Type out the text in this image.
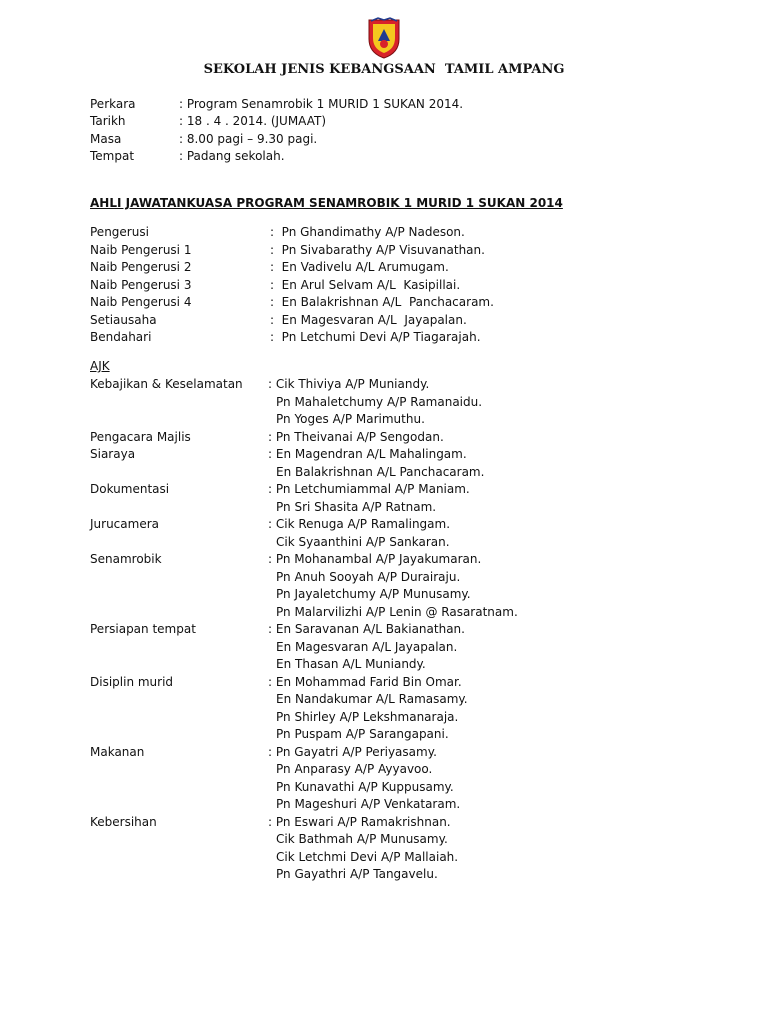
SEKOLAH JENIS KEBANGSAAN  TAMIL AMPANG
Perkara	: Program Senamrobik 1 MURID 1 SUKAN 2014.
Tarikh	: 18 . 4 . 2014. (JUMAAT)
Masa	: 8.00 pagi – 9.30 pagi.
Tempat	: Padang sekolah.
AHLI JAWATANKUASA PROGRAM SENAMROBIK 1 MURID 1 SUKAN 2014
Pengerusi	:  Pn Ghandimathy A/P Nadeson.
Naib Pengerusi 1	:  Pn Sivabarathy A/P Visuvanathan.
Naib Pengerusi 2	:  En Vadivelu A/L Arumugam.
Naib Pengerusi 3	:  En Arul Selvam A/L  Kasipillai.
Naib Pengerusi 4	:  En Balakrishnan A/L  Panchacaram.
Setiausaha	:  En Magesvaran A/L  Jayapalan.
Bendahari	:  Pn Letchumi Devi A/P Tiagarajah.
AJK
Kebajikan & Keselamatan : Cik Thiviya A/P Muniandy.
Pn Mahaletchumy A/P Ramanaidu.
Pn Yoges A/P Marimuthu.
Pengacara Majlis	: Pn Theivanai A/P Sengodan.
Siaraya	: En Magendran A/L Mahalingam.
En Balakrishnan A/L Panchacaram.
Dokumentasi	: Pn Letchumiammal A/P Maniam.
Pn Sri Shasita A/P Ratnam.
Jurucamera	: Cik Renuga A/P Ramalingam.
Cik Syaanthini A/P Sankaran.
Senamrobik	: Pn Mohanambal A/P Jayakumaran.
Pn Anuh Sooyah A/P Durairaju.
Pn Jayaletchumy A/P Munusamy.
Pn Malarvilizhi A/P Lenin @ Rasaratnam.
Persiapan tempat	: En Saravanan A/L Bakianathan.
En Magesvaran A/L Jayapalan.
En Thasan A/L Muniandy.
Disiplin murid	: En Mohammad Farid Bin Omar.
En Nandakumar A/L Ramasamy.
Pn Shirley A/P Lekshmanaraja.
Pn Puspam A/P Sarangapani.
Makanan	: Pn Gayatri A/P Periyasamy.
Pn Anparasy A/P Ayyavoo.
Pn Kunavathi A/P Kuppusamy.
Pn Mageshuri A/P Venkataram.
Kebersihan	: Pn Eswari A/P Ramakrishnan.
Cik Bathmah A/P Munusamy.
Cik Letchmi Devi A/P Mallaiah.
Pn Gayathri A/P Tangavelu.
